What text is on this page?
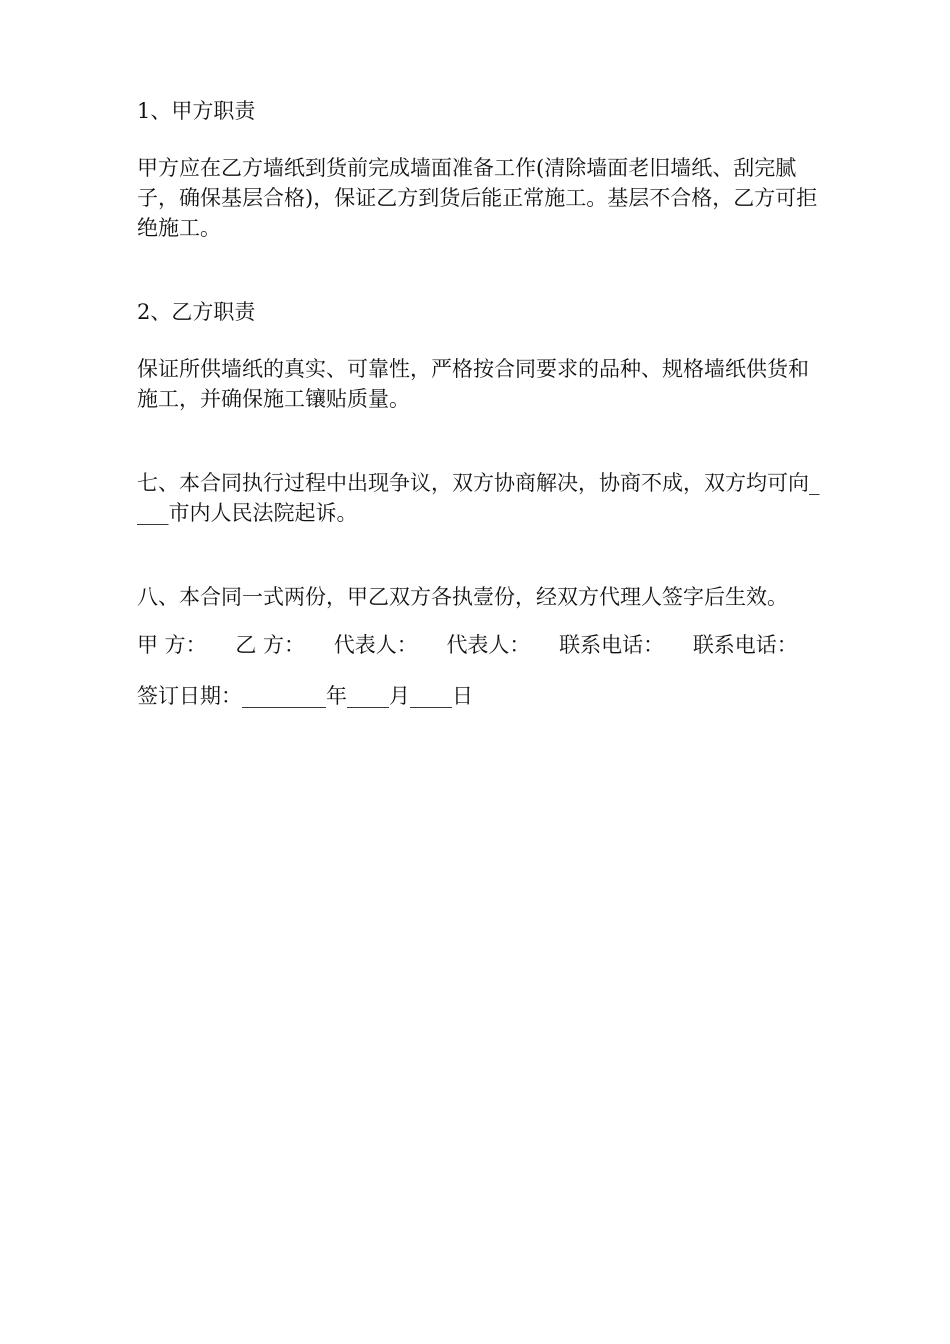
1、甲方职责

甲方应在乙方墙纸到货前完成墙面准备工作(清除墙面老旧墙纸、刮完腻子，确保基层合格)，保证乙方到货后能正常施工。基层不合格，乙方可拒绝施工。

2、乙方职责

保证所供墙纸的真实、可靠性，严格按合同要求的品种、规格墙纸供货和施工，并确保施工镶贴质量。

七、本合同执行过程中出现争议，双方协商解决，协商不成，双方均可向____市内人民法院起诉。

八、本合同一式两份，甲乙双方各执壹份，经双方代理人签字后生效。

甲 方： 乙 方： 代表人： 代表人： 联系电话： 联系电话：

签订日期：________年____月____日
